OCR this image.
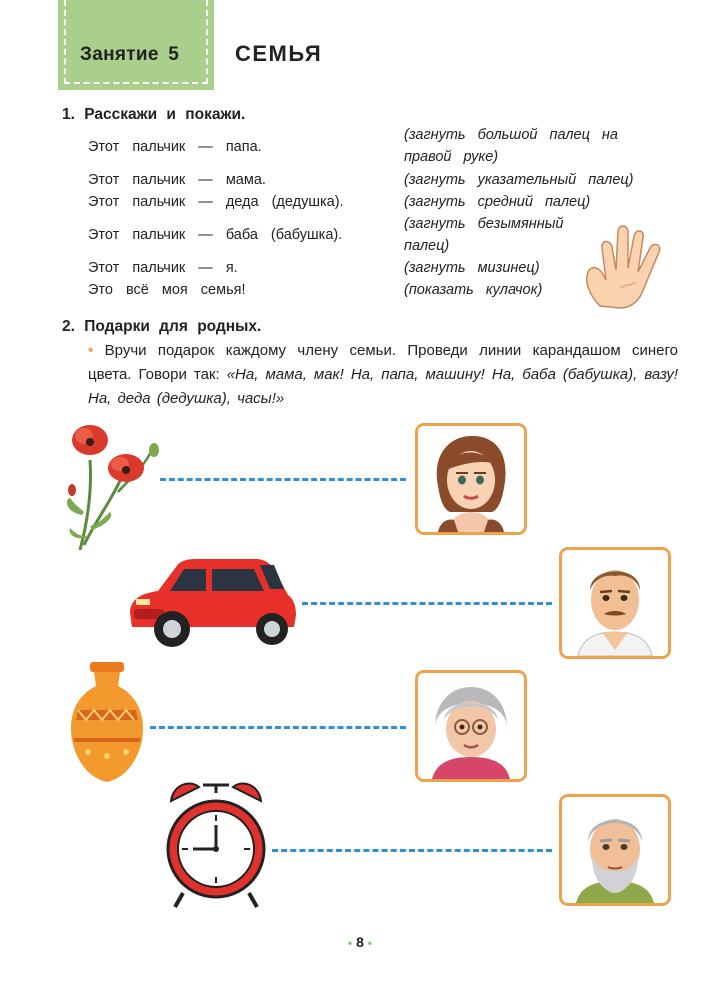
Занятие 5	СЕМЬЯ
1. Расскажи и покажи.
Этот пальчик — папа.
Этот пальчик — мама.
Этот пальчик — деда (дедушка).
Этот пальчик — баба (бабушка).
Этот пальчик — я.
Это всё моя семья!
(загнуть большой палец на
правой руке)
(загнуть указательный палец)
(загнуть средний палец)
(загнуть безымянный
палец)
(загнуть мизинец)
(показать кулачок)
2. Подарки для родных.
• Вручи подарок каждому члену семьи. Проведи линии карандашом синего цвета. Говори так: «На, мама, мак! На, папа, машину! На, баба (бабушка), вазу! На, деда (дедушка), часы!»
• 8 •
